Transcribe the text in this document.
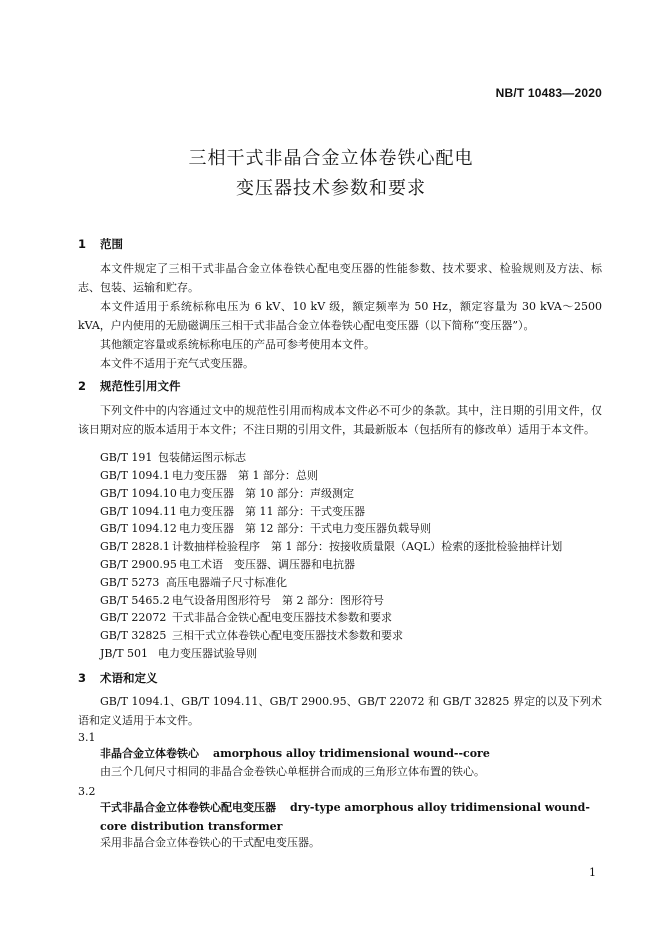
NB/T 10483—2020
三相干式非晶合金立体卷铁心配电
变压器技术参数和要求
1 范围
本文件规定了三相干式非晶合金立体卷铁心配电变压器的性能参数、技术要求、检验规则及方法、标志、包装、运输和贮存。
本文件适用于系统标称电压为 6 kV、10 kV 级，额定频率为 50 Hz，额定容量为 30 kVA～2500 kVA，户内使用的无励磁调压三相干式非晶合金立体卷铁心配电变压器（以下简称“变压器”）。
其他额定容量或系统标称电压的产品可参考使用本文件。
本文件不适用于充气式变压器。
2 规范性引用文件
下列文件中的内容通过文中的规范性引用而构成本文件必不可少的条款。其中，注日期的引用文件，仅该日期对应的版本适用于本文件；不注日期的引用文件，其最新版本（包括所有的修改单）适用于本文件。
GB/T 191 包装储运图示标志
GB/T 1094.1 电力变压器　第 1 部分：总则
GB/T 1094.10 电力变压器　第 10 部分：声级测定
GB/T 1094.11 电力变压器　第 11 部分：干式变压器
GB/T 1094.12 电力变压器　第 12 部分：干式电力变压器负载导则
GB/T 2828.1 计数抽样检验程序　第 1 部分：按接收质量限（AQL）检索的逐批检验抽样计划
GB/T 2900.95 电工术语　变压器、调压器和电抗器
GB/T 5273 高压电器端子尺寸标准化
GB/T 5465.2 电气设备用图形符号　第 2 部分：图形符号
GB/T 22072 干式非晶合金铁心配电变压器技术参数和要求
GB/T 32825 三相干式立体卷铁心配电变压器技术参数和要求
JB/T 501 电力变压器试验导则
3 术语和定义
GB/T 1094.1、GB/T 1094.11、GB/T 2900.95、GB/T 22072 和 GB/T 32825 界定的以及下列术语和定义适用于本文件。
3.1
非晶合金立体卷铁心 amorphous alloy tridimensional wound--core
由三个几何尺寸相同的非晶合金卷铁心单框拼合而成的三角形立体布置的铁心。
3.2
干式非晶合金立体卷铁心配电变压器 dry-type amorphous alloy tridimensional wound-core distribution transformer
采用非晶合金立体卷铁心的干式配电变压器。
1
